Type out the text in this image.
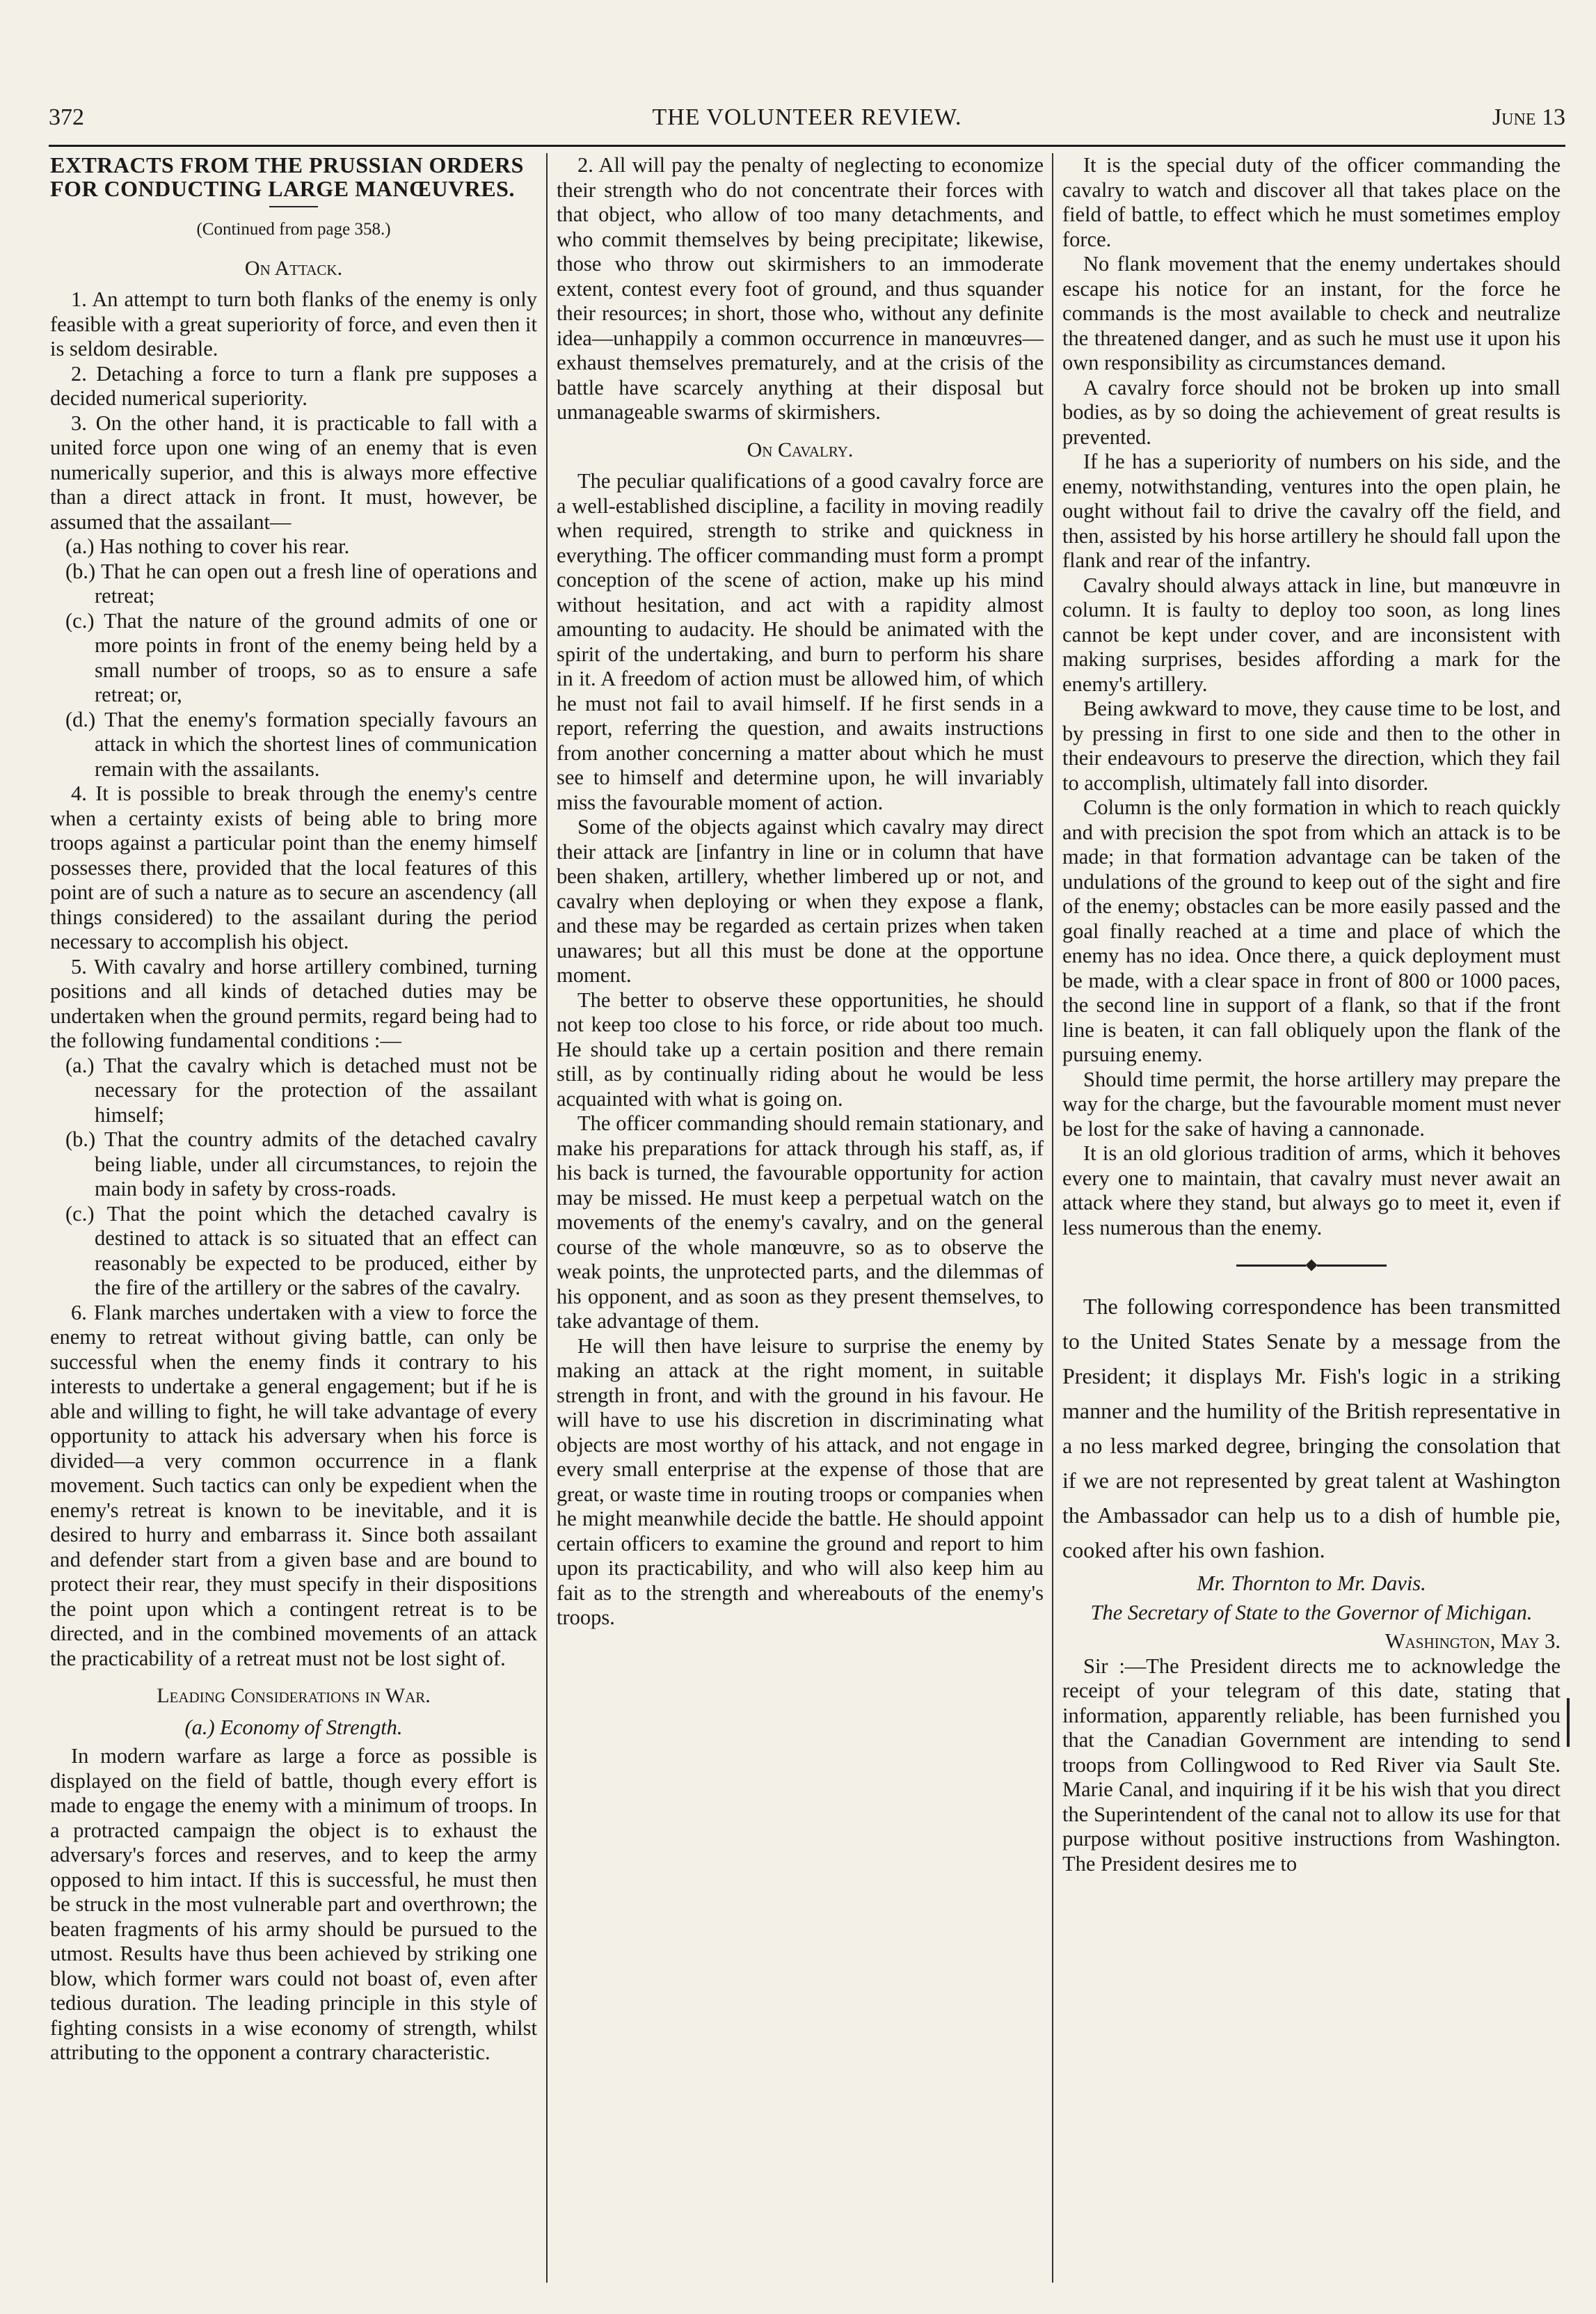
372	THE VOLUNTEER REVIEW.	June 13
EXTRACTS FROM THE PRUSSIAN ORDERS FOR CONDUCTING LARGE MANŒUVRES.
(Continued from page 358.)
On Attack.

1. An attempt to turn both flanks of the enemy is only feasible with a great superiority of force, and even then it is seldom desirable.

2. Detaching a force to turn a flank pre supposes a decided numerical superiority.

3. On the other hand, it is practicable to fall with a united force upon one wing of an enemy that is even numerically superior, and this is always more effective than a direct attack in front. It must, however, be assumed that the assailant—

(a.) Has nothing to cover his rear.

(b.) That he can open out a fresh line of operations and retreat;

(c.) That the nature of the ground admits of one or more points in front of the enemy being held by a small number of troops, so as to ensure a safe retreat; or,

(d.) That the enemy's formation specially favours an attack in which the shortest lines of communication remain with the assailants.

4. It is possible to break through the enemy's centre when a certainty exists of being able to bring more troops against a particular point than the enemy himself possesses there, provided that the local features of this point are of such a nature as to secure an ascendency (all things considered) to the assailant during the period necessary to accomplish his object.

5. With cavalry and horse artillery combined, turning positions and all kinds of detached duties may be undertaken when the ground permits, regard being had to the following fundamental conditions :—

(a.) That the cavalry which is detached must not be necessary for the protection of the assailant himself;

(b.) That the country admits of the detached cavalry being liable, under all circumstances, to rejoin the main body in safety by cross-roads.

(c.) That the point which the detached cavalry is destined to attack is so situated that an effect can reasonably be expected to be produced, either by the fire of the artillery or the sabres of the cavalry.

6. Flank marches undertaken with a view to force the enemy to retreat without giving battle, can only be successful when the enemy finds it contrary to his interests to undertake a general engagement; but if he is able and willing to fight, he will take advantage of every opportunity to attack his adversary when his force is divided—a very common occurrence in a flank movement. Such tactics can only be expedient when the enemy's retreat is known to be inevitable, and it is desired to hurry and embarrass it. Since both assailant and defender start from a given base and are bound to protect their rear, they must specify in their dispositions the point upon which a contingent retreat is to be directed, and in the combined movements of an attack the practicability of a retreat must not be lost sight of.

Leading Considerations in War.
(a.) Economy of Strength.

In modern warfare as large a force as possible is displayed on the field of battle, though every effort is made to engage the enemy with a minimum of troops. In a protracted campaign the object is to exhaust the adversary's forces and reserves, and to keep the army opposed to him intact. If this is successful, he must then be struck in the most vulnerable part and overthrown; the beaten fragments of his army should be pursued to the utmost. Results have thus been achieved by striking one blow, which former wars could not boast of, even after tedious duration. The leading principle in this style of fighting consists in a wise economy of strength, whilst attributing to the opponent a contrary characteristic.

2. All will pay the penalty of neglecting to economize their strength who do not concentrate their forces with that object, who allow of too many detachments, and who commit themselves by being precipitate; likewise, those who throw out skirmishers to an immoderate extent, contest every foot of ground, and thus squander their resources; in short, those who, without any definite idea—unhappily a common occurrence in manœuvres—exhaust themselves prematurely, and at the crisis of the battle have scarcely anything at their disposal but unmanageable swarms of skirmishers.

On Cavalry.

The peculiar qualifications of a good cavalry force are a well-established discipline, a facility in moving readily when required, strength to strike and quickness in everything. The officer commanding must form a prompt conception of the scene of action, make up his mind without hesitation, and act with a rapidity almost amounting to audacity. He should be animated with the spirit of the undertaking, and burn to perform his share in it. A freedom of action must be allowed him, of which he must not fail to avail himself. If he first sends in a report, referring the question, and awaits instructions from another concerning a matter about which he must see to himself and determine upon, he will invariably miss the favourable moment of action.

Some of the objects against which cavalry may direct their attack are [infantry in line or in column that have been shaken, artillery, whether limbered up or not, and cavalry when deploying or when they expose a flank, and these may be regarded as certain prizes when taken unawares; but all this must be done at the opportune moment.

The better to observe these opportunities, he should not keep too close to his force, or ride about too much. He should take up a certain position and there remain still, as by continually riding about he would be less acquainted with what is going on.

The officer commanding should remain stationary, and make his preparations for attack through his staff, as, if his back is turned, the favourable opportunity for action may be missed. He must keep a perpetual watch on the movements of the enemy's cavalry, and on the general course of the whole manœuvre, so as to observe the weak points, the unprotected parts, and the dilemmas of his opponent, and as soon as they present themselves, to take advantage of them.

He will then have leisure to surprise the enemy by making an attack at the right moment, in suitable strength in front, and with the ground in his favour. He will have to use his discretion in discriminating what objects are most worthy of his attack, and not engage in every small enterprise at the expense of those that are great, or waste time in routing troops or companies when he might meanwhile decide the battle. He should appoint certain officers to examine the ground and report to him upon its practicability, and who will also keep him au fait as to the strength and whereabouts of the enemy's troops.

It is the special duty of the officer commanding the cavalry to watch and discover all that takes place on the field of battle, to effect which he must sometimes employ force.

No flank movement that the enemy undertakes should escape his notice for an instant, for the force he commands is the most available to check and neutralize the threatened danger, and as such he must use it upon his own responsibility as circumstances demand.

A cavalry force should not be broken up into small bodies, as by so doing the achievement of great results is prevented.

If he has a superiority of numbers on his side, and the enemy, notwithstanding, ventures into the open plain, he ought without fail to drive the cavalry off the field, and then, assisted by his horse artillery he should fall upon the flank and rear of the infantry.

Cavalry should always attack in line, but manœuvre in column. It is faulty to deploy too soon, as long lines cannot be kept under cover, and are inconsistent with making surprises, besides affording a mark for the enemy's artillery.

Being awkward to move, they cause time to be lost, and by pressing in first to one side and then to the other in their endeavours to preserve the direction, which they fail to accomplish, ultimately fall into disorder.

Column is the only formation in which to reach quickly and with precision the spot from which an attack is to be made; in that formation advantage can be taken of the undulations of the ground to keep out of the sight and fire of the enemy; obstacles can be more easily passed and the goal finally reached at a time and place of which the enemy has no idea. Once there, a quick deployment must be made, with a clear space in front of 800 or 1000 paces, the second line in support of a flank, so that if the front line is beaten, it can fall obliquely upon the flank of the pursuing enemy.

Should time permit, the horse artillery may prepare the way for the charge, but the favourable moment must never be lost for the sake of having a cannonade.

It is an old glorious tradition of arms, which it behoves every one to maintain, that cavalry must never await an attack where they stand, but always go to meet it, even if less numerous than the enemy.

The following correspondence has been transmitted to the United States Senate by a message from the President; it displays Mr. Fish's logic in a striking manner and the humility of the British representative in a no less marked degree, bringing the consolation that if we are not represented by great talent at Washington the Ambassador can help us to a dish of humble pie, cooked after his own fashion.

Mr. Thornton to Mr. Davis.
The Secretary of State to the Governor of Michigan.

Washington, May 3.

Sir :—The President directs me to acknowledge the receipt of your telegram of this date, stating that information, apparently reliable, has been furnished you that the Canadian Government are intending to send troops from Collingwood to Red River via Sault Ste. Marie Canal, and inquiring if it be his wish that you direct the Superintendent of the canal not to allow its use for that purpose without positive instructions from Washington. The President desires me to
